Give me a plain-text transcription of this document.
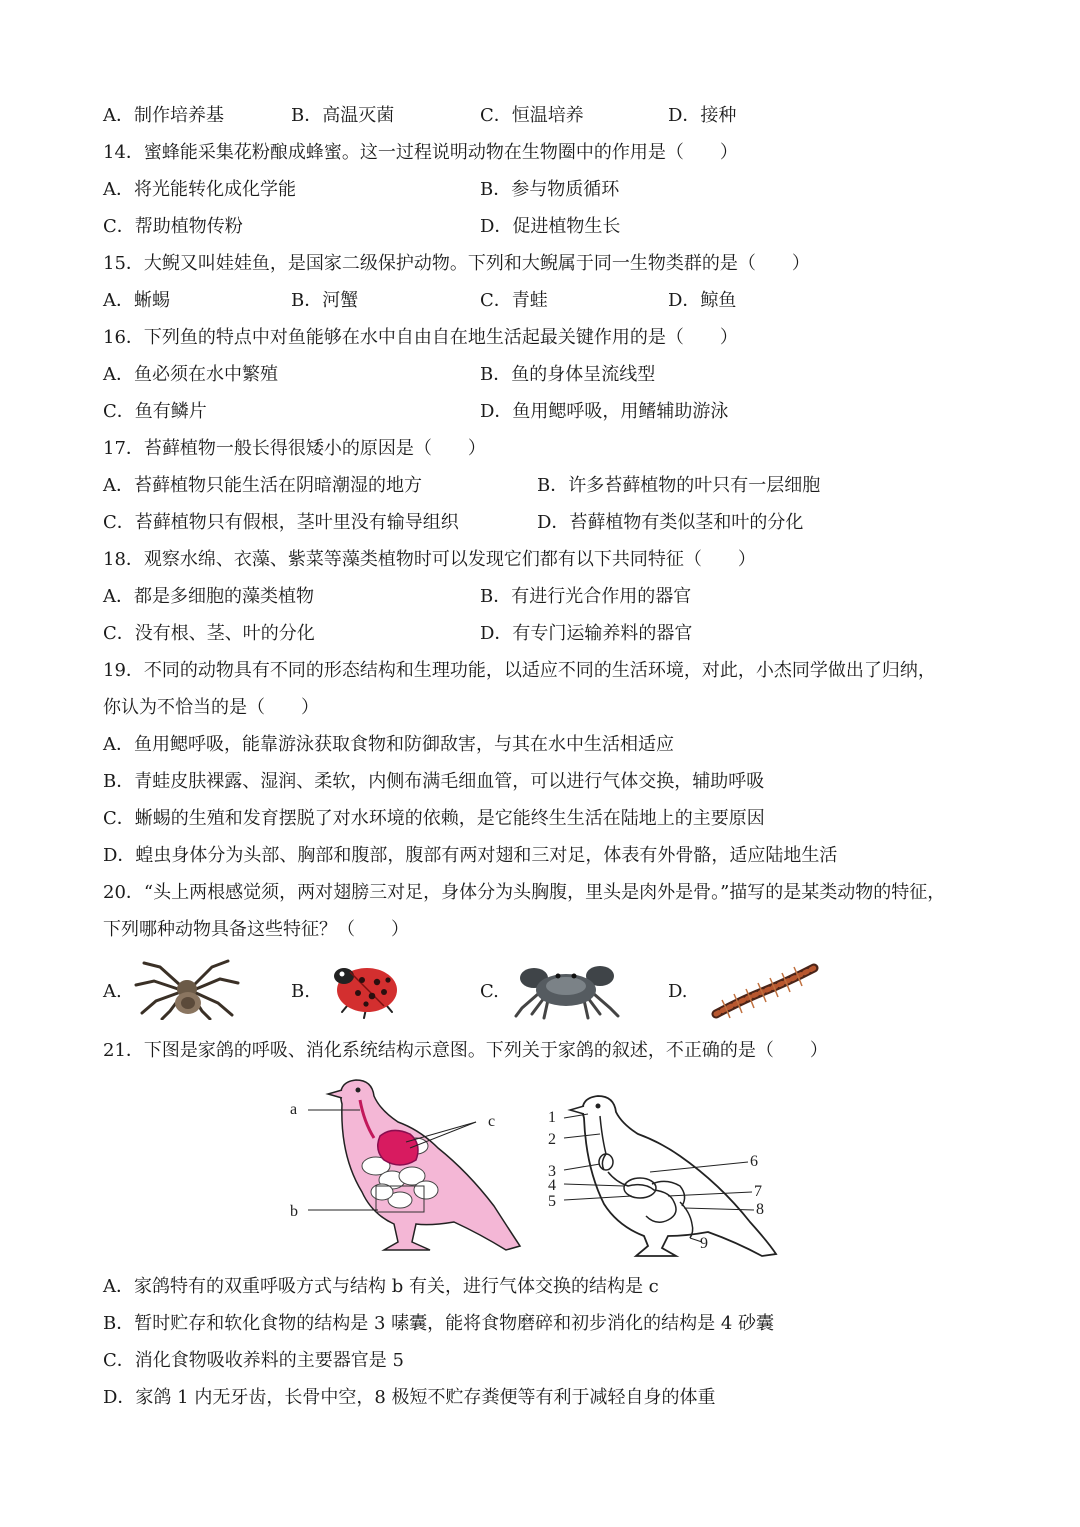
A．制作培养基	B．高温灭菌	C．恒温培养	D．接种
14．蜜蜂能采集花粉酿成蜂蜜。这一过程说明动物在生物圈中的作用是（　　）
A．将光能转化成化学能	B．参与物质循环
C．帮助植物传粉	D．促进植物生长
15．大鲵又叫娃娃鱼，是国家二级保护动物。下列和大鲵属于同一生物类群的是（　　）
A．蜥蜴	B．河蟹	C．青蛙	D．鲸鱼
16．下列鱼的特点中对鱼能够在水中自由自在地生活起最关键作用的是（　　）
A．鱼必须在水中繁殖	B．鱼的身体呈流线型
C．鱼有鳞片	D．鱼用鳃呼吸，用鳍辅助游泳
17．苔藓植物一般长得很矮小的原因是（　　）
A．苔藓植物只能生活在阴暗潮湿的地方	B．许多苔藓植物的叶只有一层细胞
C．苔藓植物只有假根，茎叶里没有输导组织	D．苔藓植物有类似茎和叶的分化
18．观察水绵、衣藻、紫菜等藻类植物时可以发现它们都有以下共同特征（　　）
A．都是多细胞的藻类植物	B．有进行光合作用的器官
C．没有根、茎、叶的分化	D．有专门运输养料的器官
19．不同的动物具有不同的形态结构和生理功能，以适应不同的生活环境，对此，小杰同学做出了归纳，
你认为不恰当的是（　　）
A．鱼用鳃呼吸，能靠游泳获取食物和防御敌害，与其在水中生活相适应
B．青蛙皮肤裸露、湿润、柔软，内侧布满毛细血管，可以进行气体交换，辅助呼吸
C．蜥蜴的生殖和发育摆脱了对水环境的依赖，是它能终生生活在陆地上的主要原因
D．蝗虫身体分为头部、胸部和腹部，腹部有两对翅和三对足，体表有外骨骼，适应陆地生活
20．“头上两根感觉须，两对翅膀三对足，身体分为头胸腹，里头是肉外是骨。”描写的是某类动物的特征，
下列哪种动物具备这些特征？（　　）
A.	B.	C.	D.
21．下图是家鸽的呼吸、消化系统结构示意图。下列关于家鸽的叙述，不正确的是（　　）
a
b
c	1
2
3
4
5
6
7
8
9
A．家鸽特有的双重呼吸方式与结构 b 有关，进行气体交换的结构是 c
B．暂时贮存和软化食物的结构是 3 嗉囊，能将食物磨碎和初步消化的结构是 4 砂囊
C．消化食物吸收养料的主要器官是 5
D．家鸽 1 内无牙齿，长骨中空，8 极短不贮存粪便等有利于减轻自身的体重
